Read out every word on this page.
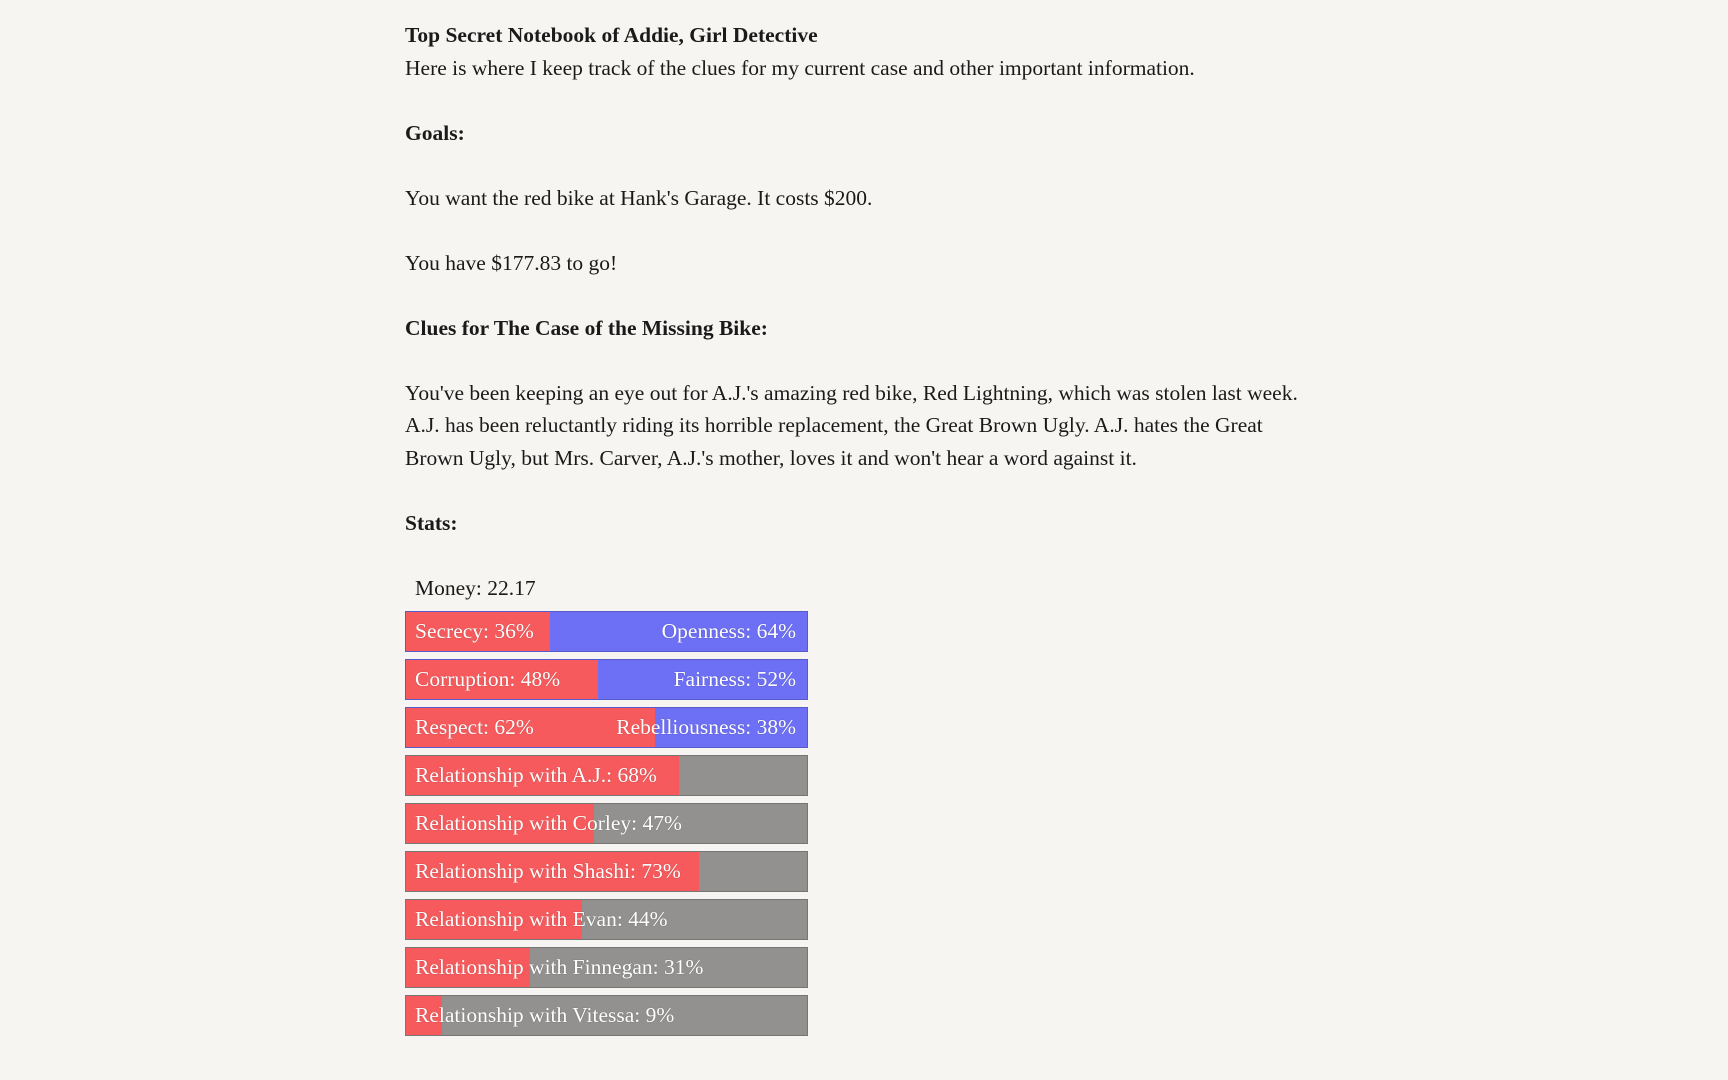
Top Secret Notebook of Addie, Girl Detective

Here is where I keep track of the clues for my current case and other important information.

Goals:

You want the red bike at Hank's Garage. It costs $200.

You have $177.83 to go!

Clues for The Case of the Missing Bike:

You've been keeping an eye out for A.J.'s amazing red bike, Red Lightning, which was stolen last week. A.J. has been reluctantly riding its horrible replacement, the Great Brown Ugly. A.J. hates the Great Brown Ugly, but Mrs. Carver, A.J.'s mother, loves it and won't hear a word against it.

Stats:

Money: 22.17
Secrecy: 36%	Openness: 64%
Corruption: 48%	Fairness: 52%
Respect: 62%	Rebelliousness: 38%
Relationship with A.J.: 68%
Relationship with Corley: 47%
Relationship with Shashi: 73%
Relationship with Evan: 44%
Relationship with Finnegan: 31%
Relationship with Vitessa: 9%
